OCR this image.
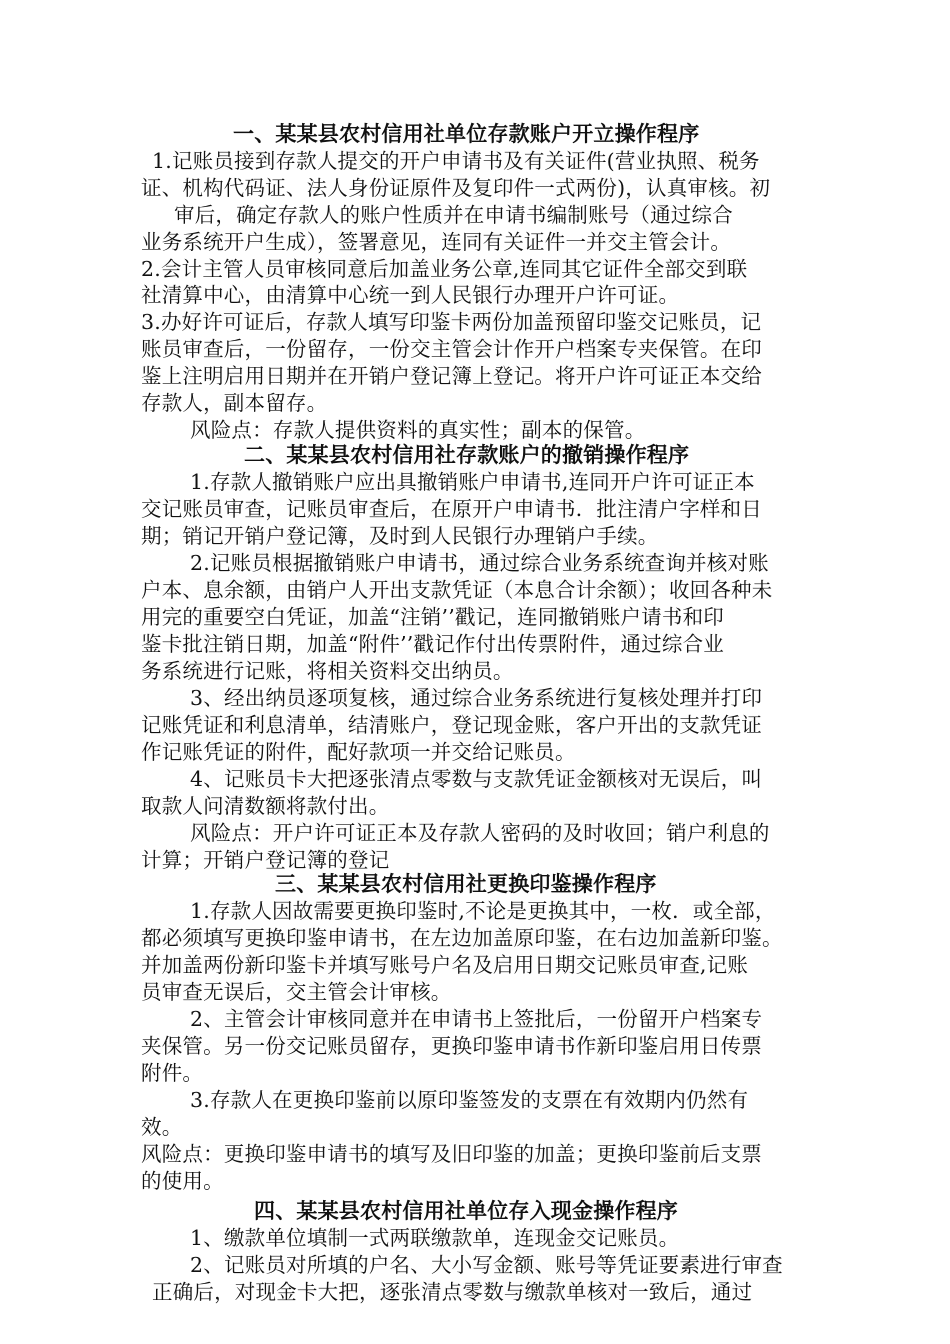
一、某某县农村信用社单位存款账户开立操作程序
1.记账员接到存款人提交的开户申请书及有关证件(营业执照、税务
证、机构代码证、法人身份证原件及复印件一式两份)，认真审核。初
审后，确定存款人的账户性质并在申请书编制账号（通过综合
业务系统开户生成），签署意见，连同有关证件一并交主管会计。
2.会计主管人员审核同意后加盖业务公章,连同其它证件全部交到联
社清算中心，由清算中心统一到人民银行办理开户许可证。
3.办好许可证后，存款人填写印鉴卡两份加盖预留印鉴交记账员，记
账员审查后，一份留存，一份交主管会计作开户档案专夹保管。在印
鉴上注明启用日期并在开销户登记簿上登记。将开户许可证正本交给
存款人，副本留存。
风险点：存款人提供资料的真实性；副本的保管。
二、某某县农村信用社存款账户的撤销操作程序
1.存款人撤销账户应出具撤销账户申请书,连同开户许可证正本
交记账员审查，记账员审查后，在原开户申请书．批注清户字样和日
期；销记开销户登记簿，及时到人民银行办理销户手续。
2.记账员根据撤销账户申请书，通过综合业务系统查询并核对账
户本、息余额，由销户人开出支款凭证（本息合计余额）；收回各种未
用完的重要空白凭证，加盖“注销’’戳记，连同撤销账户请书和印
鉴卡批注销日期，加盖“附件’’戳记作付出传票附件，通过综合业
务系统进行记账，将相关资料交出纳员。
3、经出纳员逐项复核，通过综合业务系统进行复核处理并打印
记账凭证和利息清单，结清账户，登记现金账，客户开出的支款凭证
作记账凭证的附件，配好款项一并交给记账员。
4、记账员卡大把逐张清点零数与支款凭证金额核对无误后，叫
取款人问清数额将款付出。
风险点：开户许可证正本及存款人密码的及时收回；销户利息的
计算；开销户登记簿的登记
三、某某县农村信用社更换印鉴操作程序
1.存款人因故需要更换印鉴时,不论是更换其中，一枚．或全部，
都必须填写更换印鉴申请书，在左边加盖原印鉴，在右边加盖新印鉴。
并加盖两份新印鉴卡并填写账号户名及启用日期交记账员审查,记账
员审查无误后，交主管会计审核。
2、主管会计审核同意并在申请书上签批后，一份留开户档案专
夹保管。另一份交记账员留存，更换印鉴申请书作新印鉴启用日传票
附件。
3.存款人在更换印鉴前以原印鉴签发的支票在有效期内仍然有
效。
风险点：更换印鉴申请书的填写及旧印鉴的加盖；更换印鉴前后支票
的使用。
四、某某县农村信用社单位存入现金操作程序
1、缴款单位填制一式两联缴款单，连现金交记账员。
2、记账员对所填的户名、大小写金额、账号等凭证要素进行审查
正确后，对现金卡大把，逐张清点零数与缴款单核对一致后，通过
